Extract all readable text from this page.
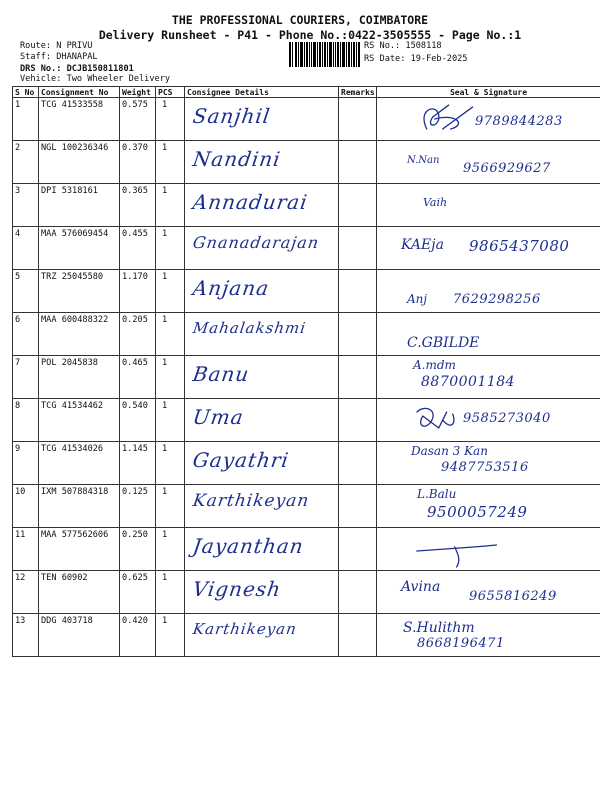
THE PROFESSIONAL COURIERS, COIMBATORE
Delivery Runsheet - P41 - Phone No.:0422-3505555 - Page No.:1
Route: N PRIVU
Staff: DHANAPAL
DRS No.: DCJB150811801
Vehicle: Two Wheeler Delivery
RS No.: 1508118
RS Date: 19-Feb-2025
S No	Consignment No	Weight	PCS	Consignee Details	Remarks	Seal & Signature
1	TCG 41533558	0.575	1	Sanjhil		9789844283

2	NGL 100236346	0.370	1	Nandini		N.Nan
9566929627

3	DPI 5318161	0.365	1	Annadurai		Vaih

4	MAA 576069454	0.455	1	Gnanadarajan		KAEja 9865437080

5	TRZ 25045580	1.170	1	Anjana		Anj 7629298256

6	MAA 600488322	0.205	1	Mahalakshmi		C.GBILDE

7	POL 2045838	0.465	1	Banu		A.mdm
8870001184

8	TCG 41534462	0.540	1	Uma		9585273040

9	TCG 41534026	1.145	1	Gayathri		Dasan 3 Kan
9487753516

10	IXM 507884318	0.125	1	Karthikeyan		L.Balu
9500057249

11	MAA 577562606	0.250	1	Jayanthan

12	TEN 60902	0.625	1	Vignesh		Avina
9655816249

13	DDG 403718	0.420	1	Karthikeyan		S.Hulithm
8668196471
